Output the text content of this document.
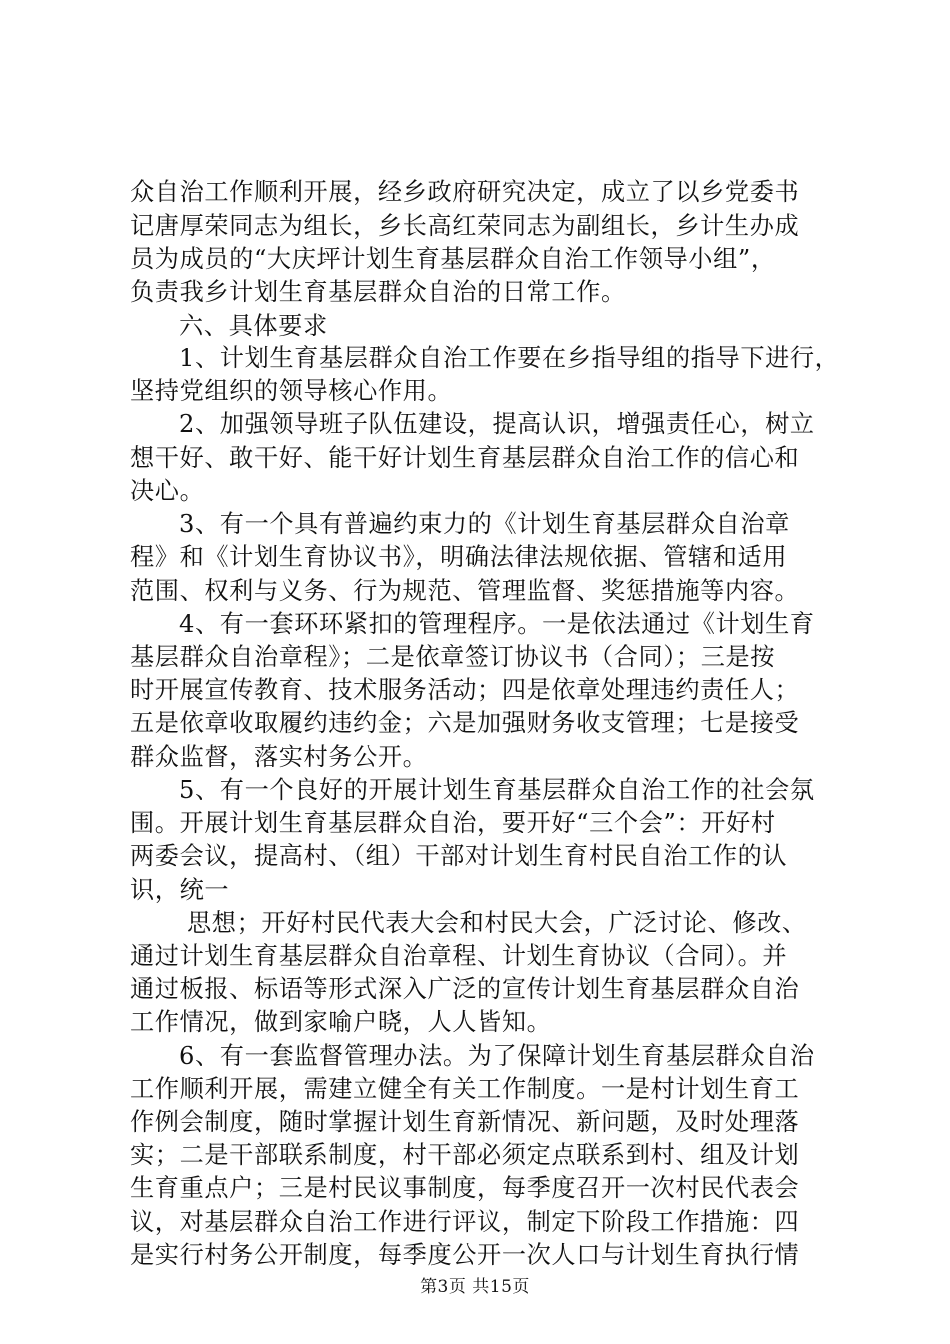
众自治工作顺利开展，经乡政府研究决定，成立了以乡党委书
记唐厚荣同志为组长，乡长高红荣同志为副组长，乡计生办成
员为成员的“大庆坪计划生育基层群众自治工作领导小组”，
负责我乡计划生育基层群众自治的日常工作。
六、具体要求
1、计划生育基层群众自治工作要在乡指导组的指导下进行，
坚持党组织的领导核心作用。
2、加强领导班子队伍建设，提高认识，增强责任心，树立
想干好、敢干好、能干好计划生育基层群众自治工作的信心和
决心。
3、有一个具有普遍约束力的《计划生育基层群众自治章
程》和《计划生育协议书》，明确法律法规依据、管辖和适用
范围、权利与义务、行为规范、管理监督、奖惩措施等内容。
4、有一套环环紧扣的管理程序。一是依法通过《计划生育
基层群众自治章程》；二是依章签订协议书（合同）；三是按
时开展宣传教育、技术服务活动；四是依章处理违约责任人；
五是依章收取履约违约金；六是加强财务收支管理；七是接受
群众监督，落实村务公开。
5、有一个良好的开展计划生育基层群众自治工作的社会氛
围。开展计划生育基层群众自治，要开好“三个会”：开好村
两委会议，提高村、（组）干部对计划生育村民自治工作的认
识，统一
思想；开好村民代表大会和村民大会，广泛讨论、修改、
通过计划生育基层群众自治章程、计划生育协议（合同）。并
通过板报、标语等形式深入广泛的宣传计划生育基层群众自治
工作情况，做到家喻户晓，人人皆知。
6、有一套监督管理办法。为了保障计划生育基层群众自治
工作顺利开展，需建立健全有关工作制度。一是村计划生育工
作例会制度，随时掌握计划生育新情况、新问题，及时处理落
实；二是干部联系制度，村干部必须定点联系到村、组及计划
生育重点户；三是村民议事制度，每季度召开一次村民代表会
议，对基层群众自治工作进行评议，制定下阶段工作措施：四
是实行村务公开制度，每季度公开一次人口与计划生育执行情
第3页 共15页
